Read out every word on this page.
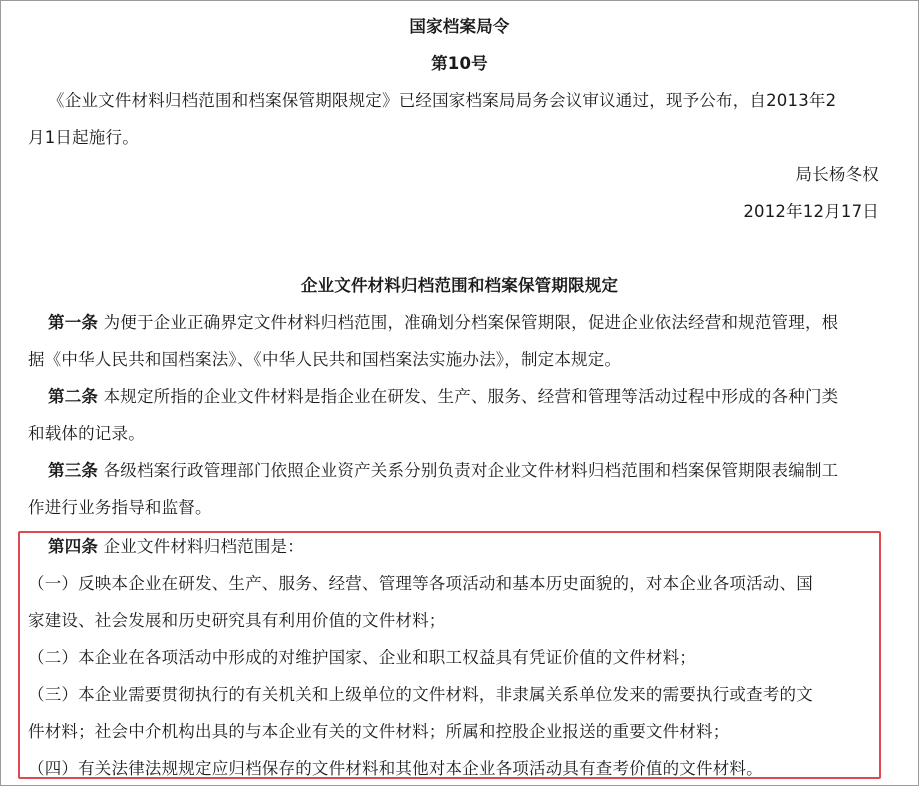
国家档案局令
第10号
《企业文件材料归档范围和档案保管期限规定》已经国家档案局局务会议审议通过，现予公布，自2013年2
月1日起施行。
局长杨冬权
2012年12月17日
企业文件材料归档范围和档案保管期限规定
第一条 为便于企业正确界定文件材料归档范围，准确划分档案保管期限，促进企业依法经营和规范管理，根
据《中华人民共和国档案法》、《中华人民共和国档案法实施办法》，制定本规定。
第二条 本规定所指的企业文件材料是指企业在研发、生产、服务、经营和管理等活动过程中形成的各种门类
和载体的记录。
第三条 各级档案行政管理部门依照企业资产关系分别负责对企业文件材料归档范围和档案保管期限表编制工
作进行业务指导和监督。
第四条 企业文件材料归档范围是：
（一）反映本企业在研发、生产、服务、经营、管理等各项活动和基本历史面貌的，对本企业各项活动、国
家建设、社会发展和历史研究具有利用价值的文件材料；
（二）本企业在各项活动中形成的对维护国家、企业和职工权益具有凭证价值的文件材料；
（三）本企业需要贯彻执行的有关机关和上级单位的文件材料，非隶属关系单位发来的需要执行或查考的文
件材料；社会中介机构出具的与本企业有关的文件材料；所属和控股企业报送的重要文件材料；
（四）有关法律法规规定应归档保存的文件材料和其他对本企业各项活动具有查考价值的文件材料。
